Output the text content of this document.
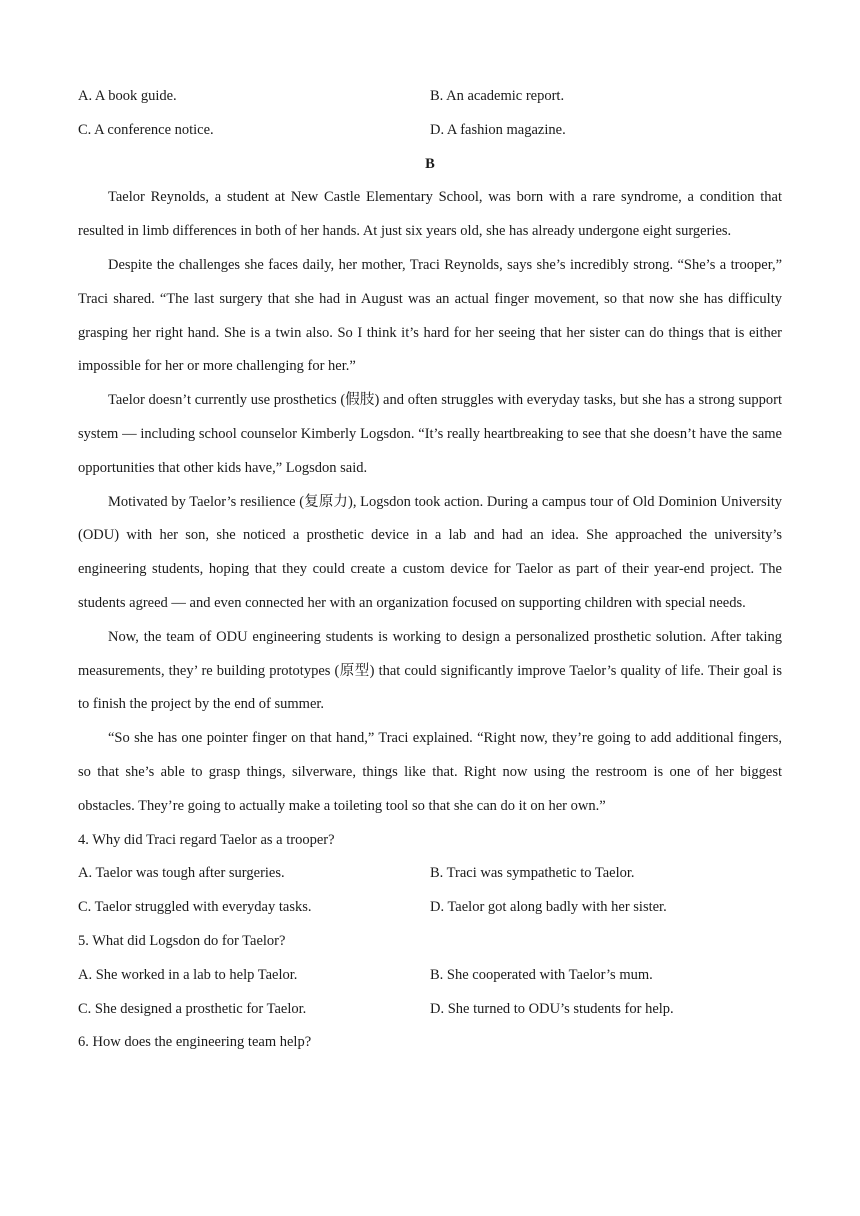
A. A book guide.	B. An academic report.
C. A conference notice.	D. A fashion magazine.
B

Taelor Reynolds, a student at New Castle Elementary School, was born with a rare syndrome, a condition that resulted in limb differences in both of her hands. At just six years old, she has already undergone eight surgeries.

Despite the challenges she faces daily, her mother, Traci Reynolds, says she’s incredibly strong. “She’s a trooper,” Traci shared. “The last surgery that she had in August was an actual finger movement, so that now she has difficulty grasping her right hand. She is a twin also. So I think it’s hard for her seeing that her sister can do things that is either impossible for her or more challenging for her.”

Taelor doesn’t currently use prosthetics (假肢) and often struggles with everyday tasks, but she has a strong support system — including school counselor Kimberly Logsdon. “It’s really heartbreaking to see that she doesn’t have the same opportunities that other kids have,” Logsdon said.

Motivated by Taelor’s resilience (复原力), Logsdon took action. During a campus tour of Old Dominion University (ODU) with her son, she noticed a prosthetic device in a lab and had an idea. She approached the university’s engineering students, hoping that they could create a custom device for Taelor as part of their year-end project. The students agreed — and even connected her with an organization focused on supporting children with special needs.

Now, the team of ODU engineering students is working to design a personalized prosthetic solution. After taking measurements, they’ re building prototypes (原型) that could significantly improve Taelor’s quality of life. Their goal is to finish the project by the end of summer.

“So she has one pointer finger on that hand,” Traci explained. “Right now, they’re going to add additional fingers, so that she’s able to grasp things, silverware, things like that. Right now using the restroom is one of her biggest obstacles. They’re going to actually make a toileting tool so that she can do it on her own.”

4. Why did Traci regard Taelor as a trooper?
A. Taelor was tough after surgeries.	B. Traci was sympathetic to Taelor.
C. Taelor struggled with everyday tasks.	D. Taelor got along badly with her sister.
5. What did Logsdon do for Taelor?
A. She worked in a lab to help Taelor.	B. She cooperated with Taelor’s mum.
C. She designed a prosthetic for Taelor.	D. She turned to ODU’s students for help.
6. How does the engineering team help?
